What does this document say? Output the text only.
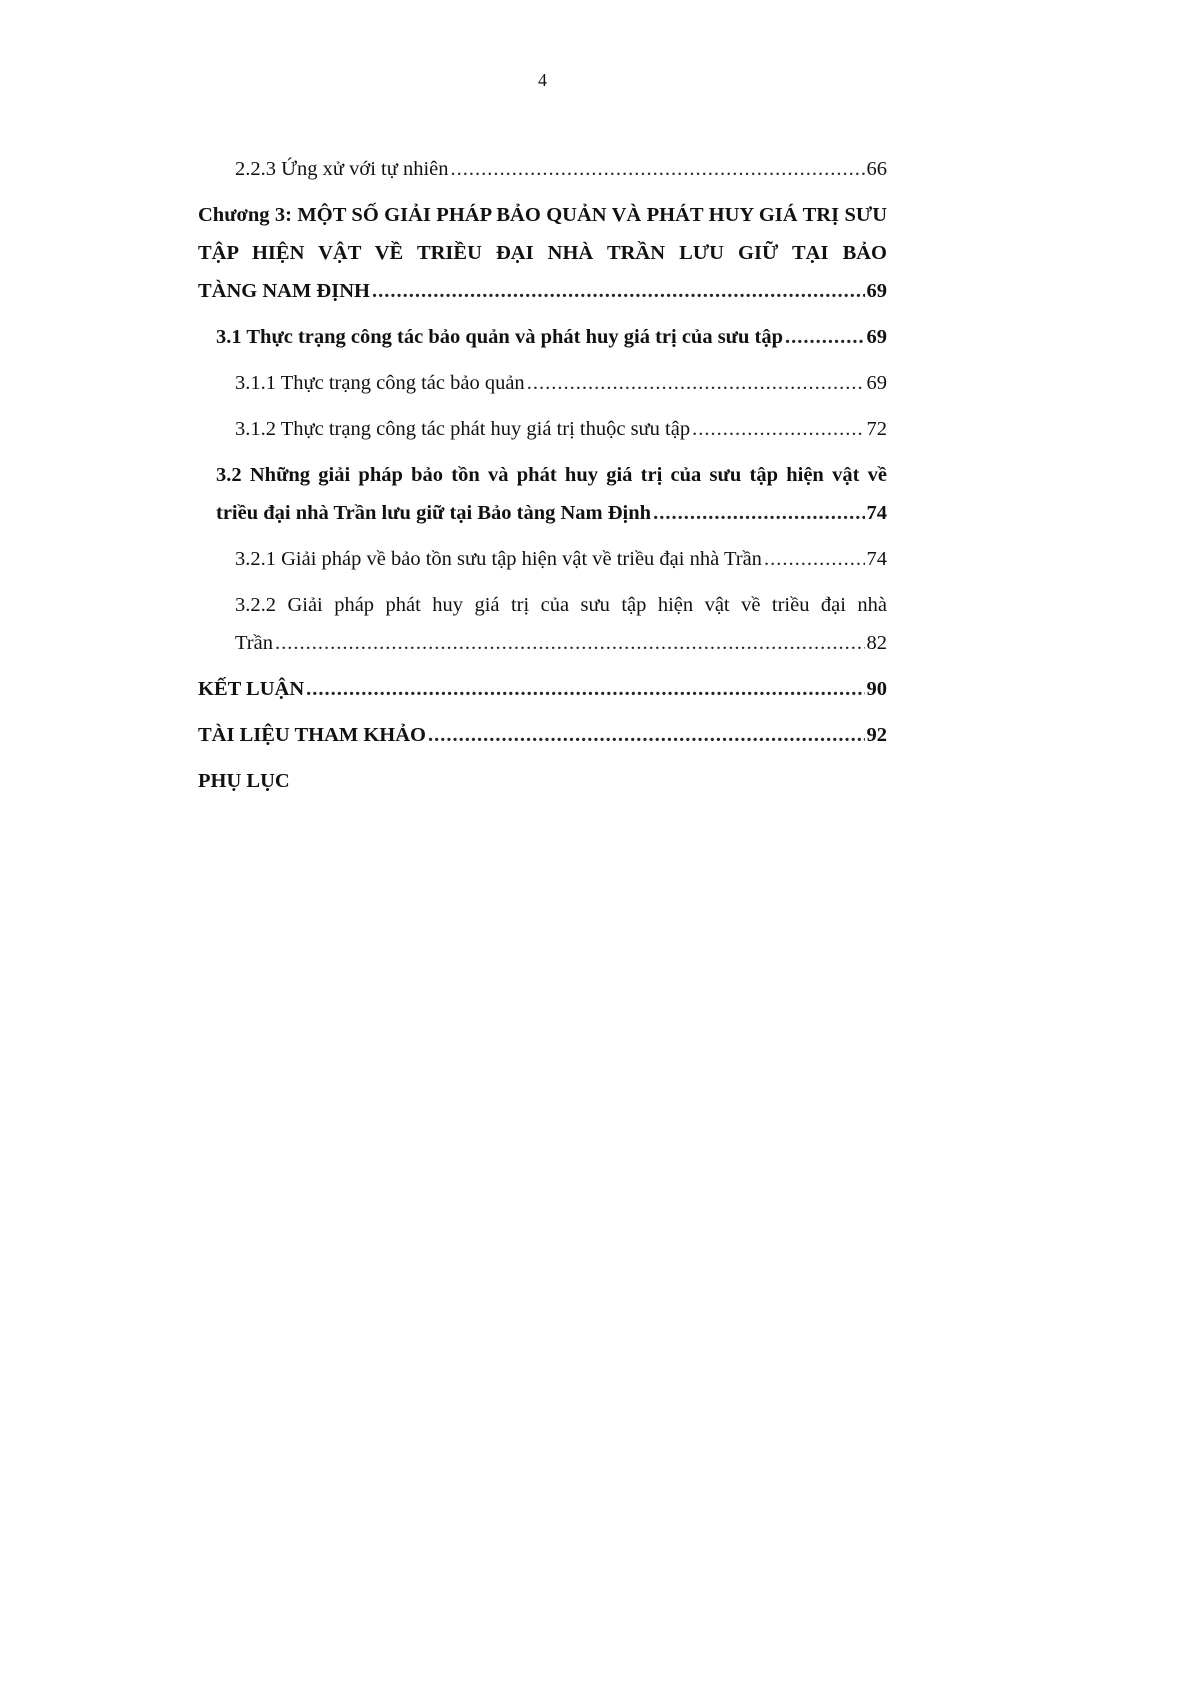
4
2.2.3 Ứng xử với tự nhiên .....	66
Chương 3: MỘT SỐ GIẢI PHÁP BẢO QUẢN VÀ PHÁT HUY GIÁ TRỊ SƯU TẬP HIỆN VẬT VỀ TRIỀU ĐẠI NHÀ TRẦN LƯU GIỮ TẠI BẢO
TÀNG NAM ĐỊNH .....	69
3.1 Thực trạng công tác bảo quản và phát huy giá trị của sưu tập .....	69
3.1.1 Thực trạng công tác bảo quản .....	69
3.1.2 Thực trạng công tác phát huy giá trị thuộc sưu tập .....	72
3.2 Những giải pháp bảo tồn và phát huy giá trị của sưu tập hiện vật về
triều đại nhà Trần lưu giữ tại Bảo tàng Nam Định .....	74
3.2.1 Giải pháp về bảo tồn sưu tập hiện vật về triều đại nhà Trần .....	74
3.2.2 Giải pháp phát huy giá trị của sưu tập hiện vật về triều đại nhà
Trần .....	82
KẾT LUẬN .....	90
TÀI LIỆU THAM KHẢO .....	92
PHỤ LỤC
